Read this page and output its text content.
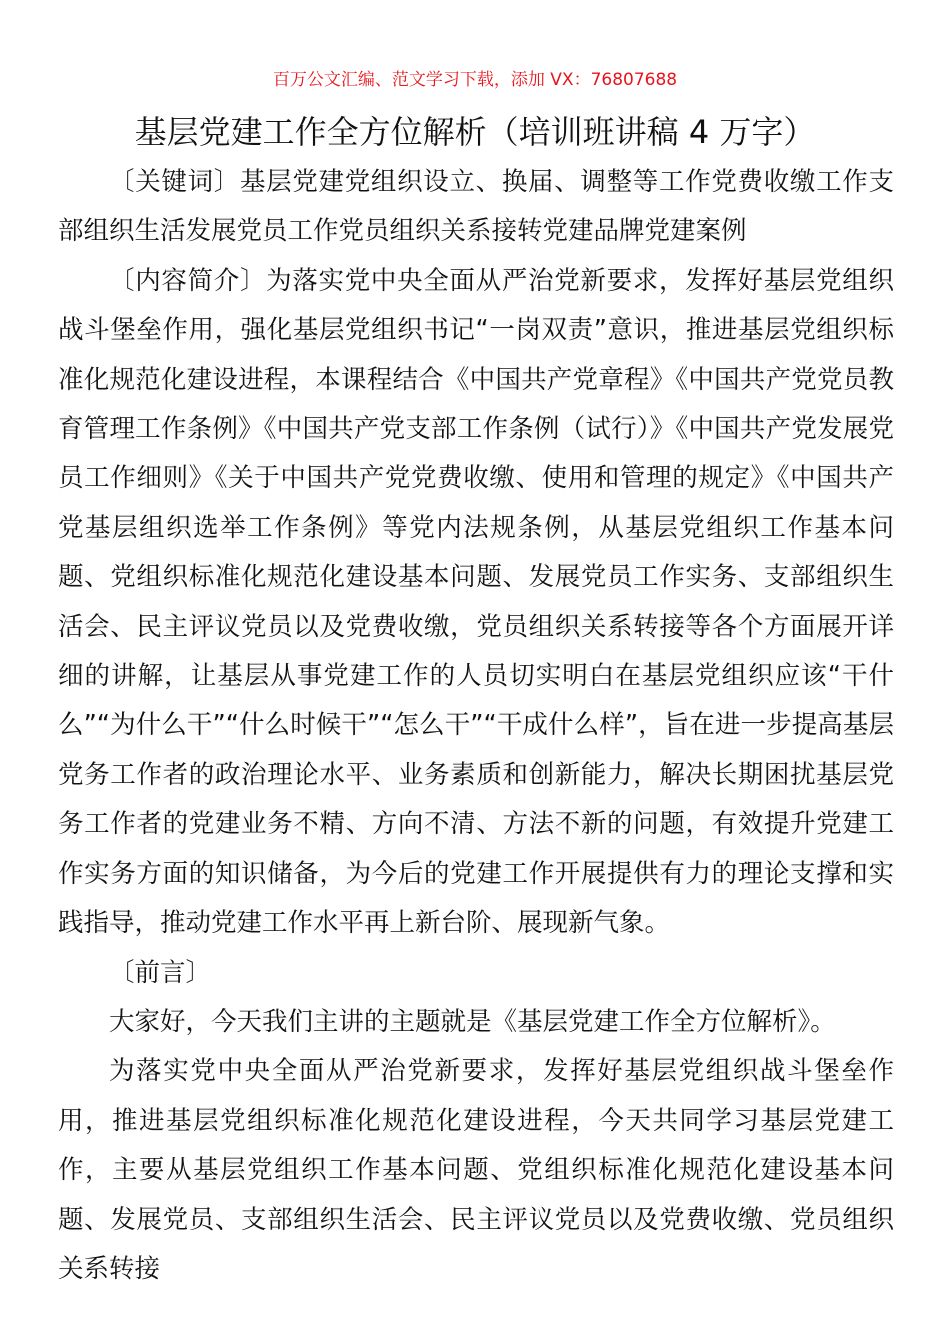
百万公文汇编、范文学习下载，添加 VX：76807688
基层党建工作全方位解析（培训班讲稿 4 万字）

〔关键词〕基层党建党组织设立、换届、调整等工作党费收缴工作支部组织生活发展党员工作党员组织关系接转党建品牌党建案例

〔内容简介〕为落实党中央全面从严治党新要求，发挥好基层党组织战斗堡垒作用，强化基层党组织书记“一岗双责”意识，推进基层党组织标准化规范化建设进程，本课程结合《中国共产党章程》《中国共产党党员教育管理工作条例》《中国共产党支部工作条例（试行）》《中国共产党发展党员工作细则》《关于中国共产党党费收缴、使用和管理的规定》《中国共产党基层组织选举工作条例》等党内法规条例，从基层党组织工作基本问题、党组织标准化规范化建设基本问题、发展党员工作实务、支部组织生活会、民主评议党员以及党费收缴，党员组织关系转接等各个方面展开详细的讲解，让基层从事党建工作的人员切实明白在基层党组织应该“干什么”“为什么干”“什么时候干”“怎么干”“干成什么样”，旨在进一步提高基层党务工作者的政治理论水平、业务素质和创新能力，解决长期困扰基层党务工作者的党建业务不精、方向不清、方法不新的问题，有效提升党建工作实务方面的知识储备，为今后的党建工作开展提供有力的理论支撑和实践指导，推动党建工作水平再上新台阶、展现新气象。

〔前言〕

大家好，今天我们主讲的主题就是《基层党建工作全方位解析》。

为落实党中央全面从严治党新要求，发挥好基层党组织战斗堡垒作用，推进基层党组织标准化规范化建设进程，今天共同学习基层党建工作，主要从基层党组织工作基本问题、党组织标准化规范化建设基本问题、发展党员、支部组织生活会、民主评议党员以及党费收缴、党员组织关系转接
